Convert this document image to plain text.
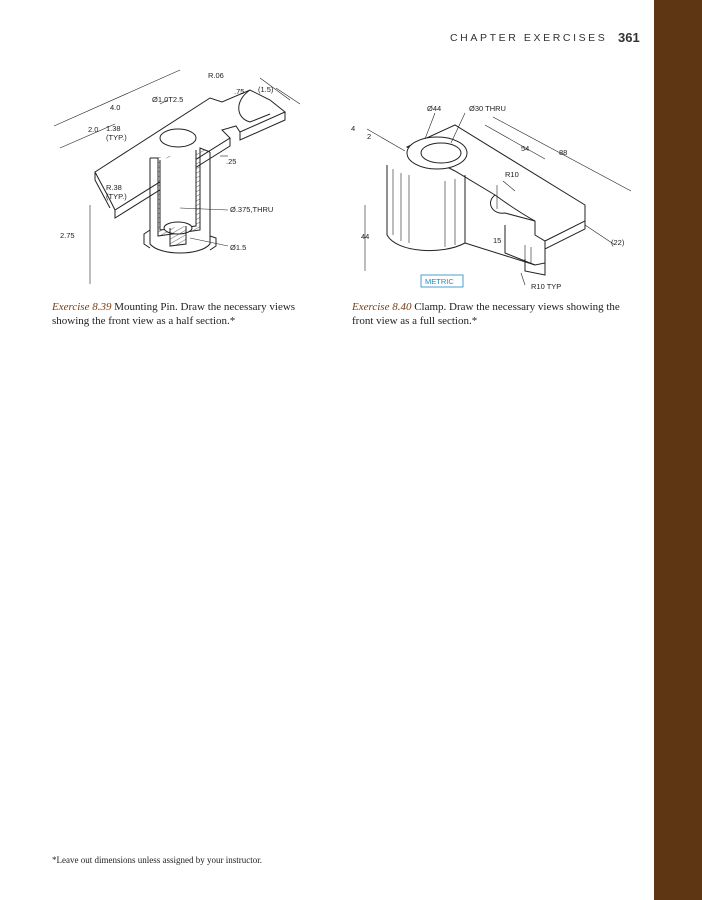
CHAPTER EXERCISES 361
R.06
.75 (1.5)
Ø1.0T2.5
4.0
2.0 1.38
(TYP.)
.25
R.38
(TYP.)
Ø.375,THRU
2.75
Ø1.5
Ø44	Ø30 THRU
4
2
54	88
R10
44	15	(22)
METRIC
R10 TYP
Exercise 8.39 Mounting Pin. Draw the necessary views showing the front view as a half section.*
Exercise 8.40 Clamp. Draw the necessary views showing the front view as a full section.*
*Leave out dimensions unless assigned by your instructor.
